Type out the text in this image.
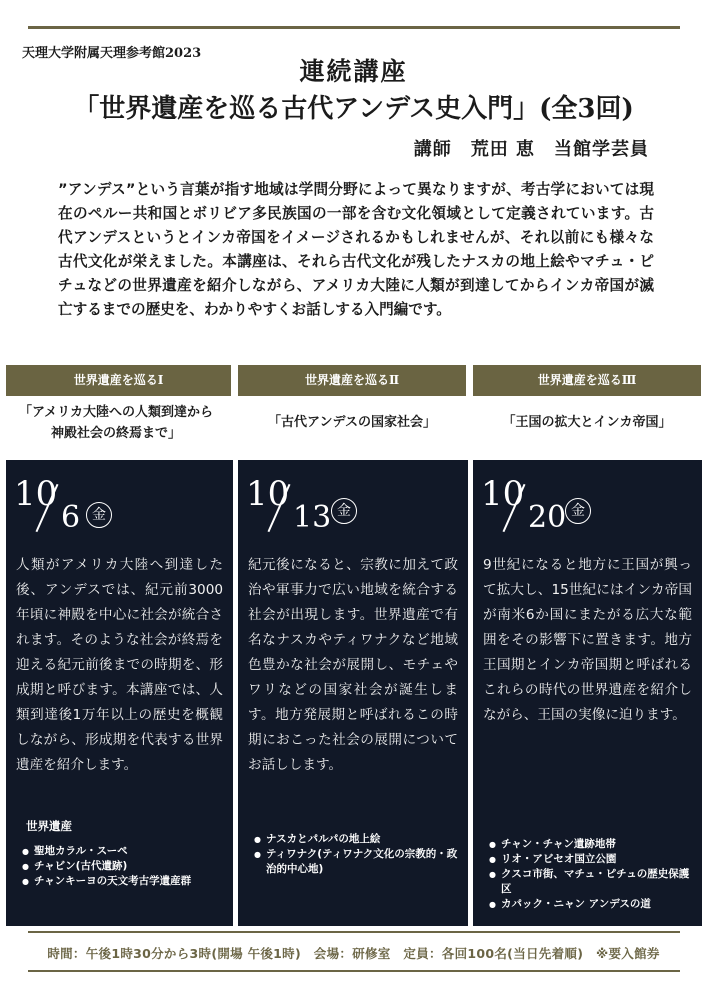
天理大学附属天理参考館2023
連続講座
「世界遺産を巡る古代アンデス史入門」(全3回)
講師　荒田 恵　当館学芸員
”アンデス”という言葉が指す地域は学問分野によって異なりますが、考古学においては現在のペルー共和国とボリビア多民族国の一部を含む文化領域として定義されています。古代アンデスというとインカ帝国をイメージされるかもしれませんが、それ以前にも様々な古代文化が栄えました。本講座は、それら古代文化が残したナスカの地上絵やマチュ・ピチュなどの世界遺産を紹介しながら、アメリカ大陸に人類が到達してからインカ帝国が滅亡するまでの歴史を、わかりやすくお話しする入門編です。
世界遺産を巡るⅠ	世界遺産を巡るⅡ	世界遺産を巡るⅢ
「アメリカ大陸への人類到達から神殿社会の終焉まで」
「古代アンデスの国家社会」	「王国の拡大とインカ帝国」
10
6 金
人類がアメリカ大陸へ到達した後、アンデスでは、紀元前3000年頃に神殿を中心に社会が統合されます。そのような社会が終焉を迎える紀元前後までの時期を、形成期と呼びます。本講座では、人類到達後1万年以上の歴史を概観しながら、形成期を代表する世界遺産を紹介します。
世界遺産
● 聖地カラル・スーペ
● チャビン(古代遺跡)
● チャンキーヨの天文考古学遺産群
10
13 金
紀元後になると、宗教に加えて政治や軍事力で広い地域を統合する社会が出現します。世界遺産で有名なナスカやティワナクなど地域色豊かな社会が展開し、モチェやワリなどの国家社会が誕生します。地方発展期と呼ばれるこの時期におこった社会の展開についてお話しします。
● ナスカとパルパの地上絵
● ティワナク(ティワナク文化の宗教的・政治的中心地)
10
20 金
9世紀になると地方に王国が興って拡大し、15世紀にはインカ帝国が南米6か国にまたがる広大な範囲をその影響下に置きます。地方王国期とインカ帝国期と呼ばれるこれらの時代の世界遺産を紹介しながら、王国の実像に迫ります。
● チャン・チャン遺跡地帯
● リオ・アビセオ国立公園
● クスコ市街、マチュ・ピチュの歴史保護区
● カパック・ニャン アンデスの道
時間：午後1時30分から3時(開場 午後1時)　会場：研修室　定員：各回100名(当日先着順)　※要入館券
